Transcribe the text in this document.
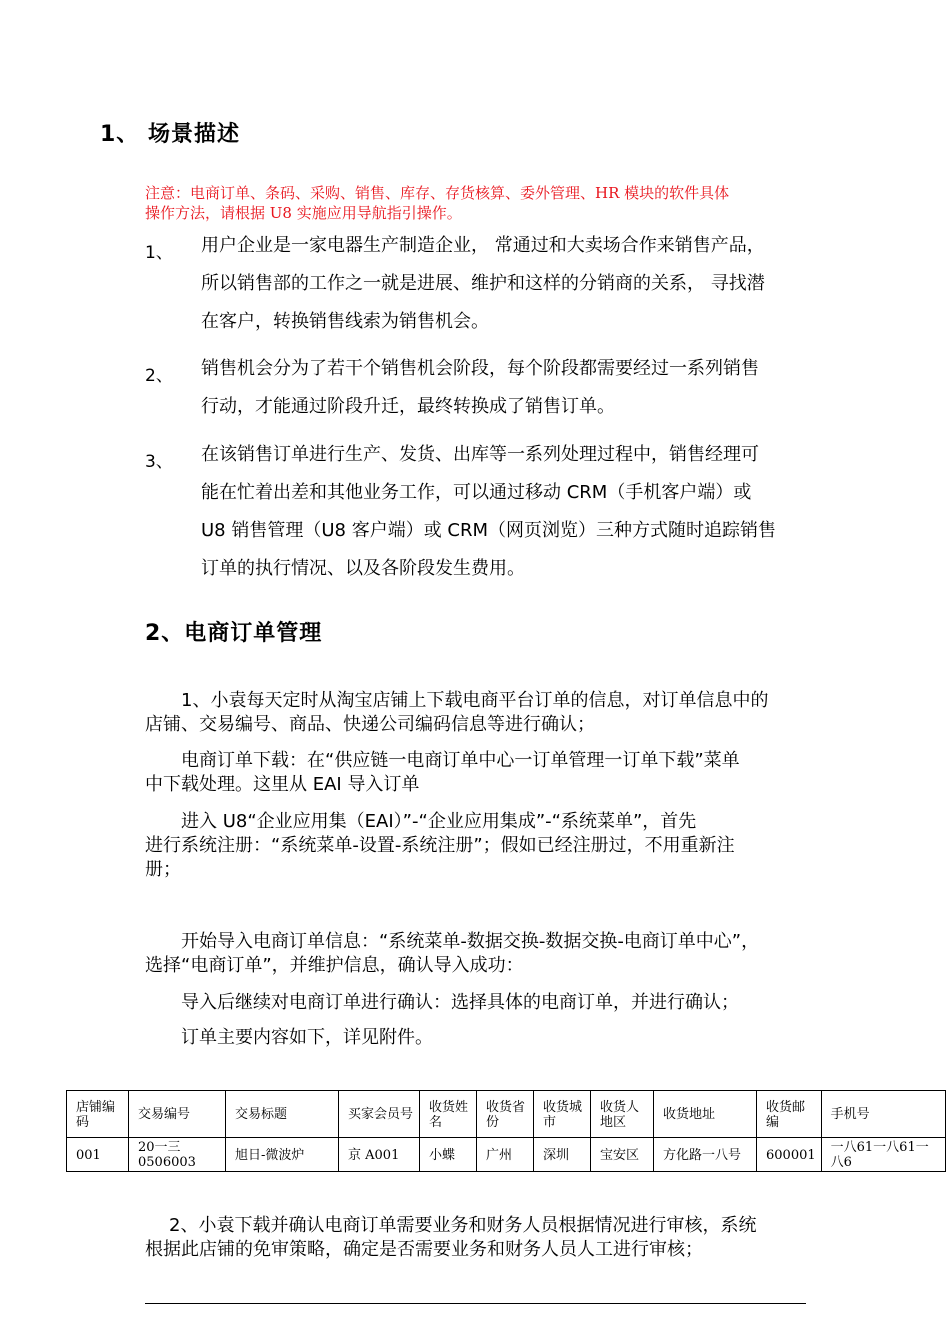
1、 场景描述
注意：电商订单、条码、采购、销售、库存、存货核算、委外管理、HR 模块的软件具体
操作方法，请根据 U8 实施应用导航指引操作。
1、 用户企业是一家电器生产制造企业， 常通过和大卖场合作来销售产品，
所以销售部的工作之一就是进展、维护和这样的分销商的关系， 寻找潜
在客户，转换销售线索为销售机会。
2、 销售机会分为了若干个销售机会阶段，每个阶段都需要经过一系列销售
行动，才能通过阶段升迁，最终转换成了销售订单。
3、 在该销售订单进行生产、发货、出库等一系列处理过程中，销售经理可
能在忙着出差和其他业务工作，可以通过移动 CRM（手机客户端）或
U8 销售管理（U8 客户端）或 CRM（网页浏览）三种方式随时追踪销售
订单的执行情况、以及各阶段发生费用。
2、电商订单管理
1、小袁每天定时从淘宝店铺上下载电商平台订单的信息，对订单信息中的
店铺、交易编号、商品、快递公司编码信息等进行确认；
电商订单下载：在“供应链一电商订单中心一订单管理一订单下载”菜单
中下载处理。这里从 EAI 导入订单
进入 U8“企业应用集（EAI）”-“企业应用集成”-“系统菜单”，首先
进行系统注册：“系统菜单-设置-系统注册”；假如已经注册过，不用重新注
册；
开始导入电商订单信息：“系统菜单-数据交换-数据交换-电商订单中心”，
选择“电商订单”，并维护信息，确认导入成功：
导入后继续对电商订单进行确认：选择具体的电商订单，并进行确认；
订单主要内容如下，详见附件。
店铺编码	交易编号	交易标题	买家会员号	收货姓名	收货省份	收货城市	收货人地区	收货地址	收货邮编	手机号
001	20一三0506003	旭日-微波炉	京 A001	小蝶	广州	深圳	宝安区	方化路一八号	600001	一八61一八61一八6
2、小袁下载并确认电商订单需要业务和财务人员根据情况进行审核，系统
根据此店铺的免审策略，确定是否需要业务和财务人员人工进行审核；
